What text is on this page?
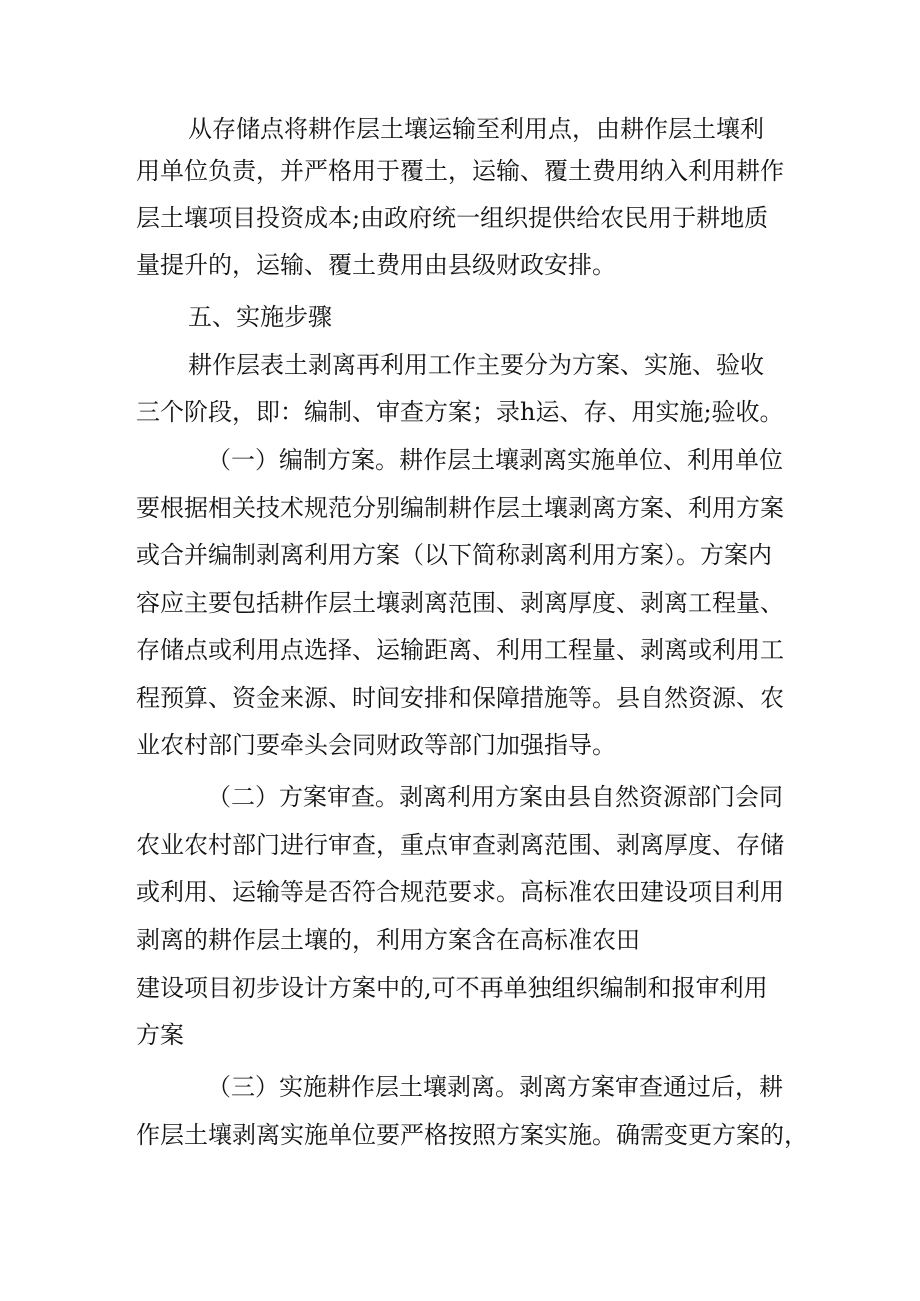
从存储点将耕作层土壤运输至利用点，由耕作层土壤利

用单位负责，并严格用于覆土，运输、覆土费用纳入利用耕作

层土壤项目投资成本;由政府统一组织提供给农民用于耕地质

量提升的，运输、覆土费用由县级财政安排。

五、实施步骤

耕作层表土剥离再利用工作主要分为方案、实施、验收

三个阶段，即：编制、审查方案；录h运、存、用实施;验收。

（一）编制方案。耕作层土壤剥离实施单位、利用单位

要根据相关技术规范分别编制耕作层土壤剥离方案、利用方案

或合并编制剥离利用方案（以下简称剥离利用方案）。方案内

容应主要包括耕作层土壤剥离范围、剥离厚度、剥离工程量、

存储点或利用点选择、运输距离、利用工程量、剥离或利用工

程预算、资金来源、时间安排和保障措施等。县自然资源、农

业农村部门要牵头会同财政等部门加强指导。

（二）方案审查。剥离利用方案由县自然资源部门会同

农业农村部门进行审查，重点审查剥离范围、剥离厚度、存储

或利用、运输等是否符合规范要求。高标准农田建设项目利用

剥离的耕作层土壤的，利用方案含在高标准农田

建设项目初步设计方案中的,可不再单独组织编制和报审利用

方案

（三）实施耕作层土壤剥离。剥离方案审查通过后，耕

作层土壤剥离实施单位要严格按照方案实施。确需变更方案的，
